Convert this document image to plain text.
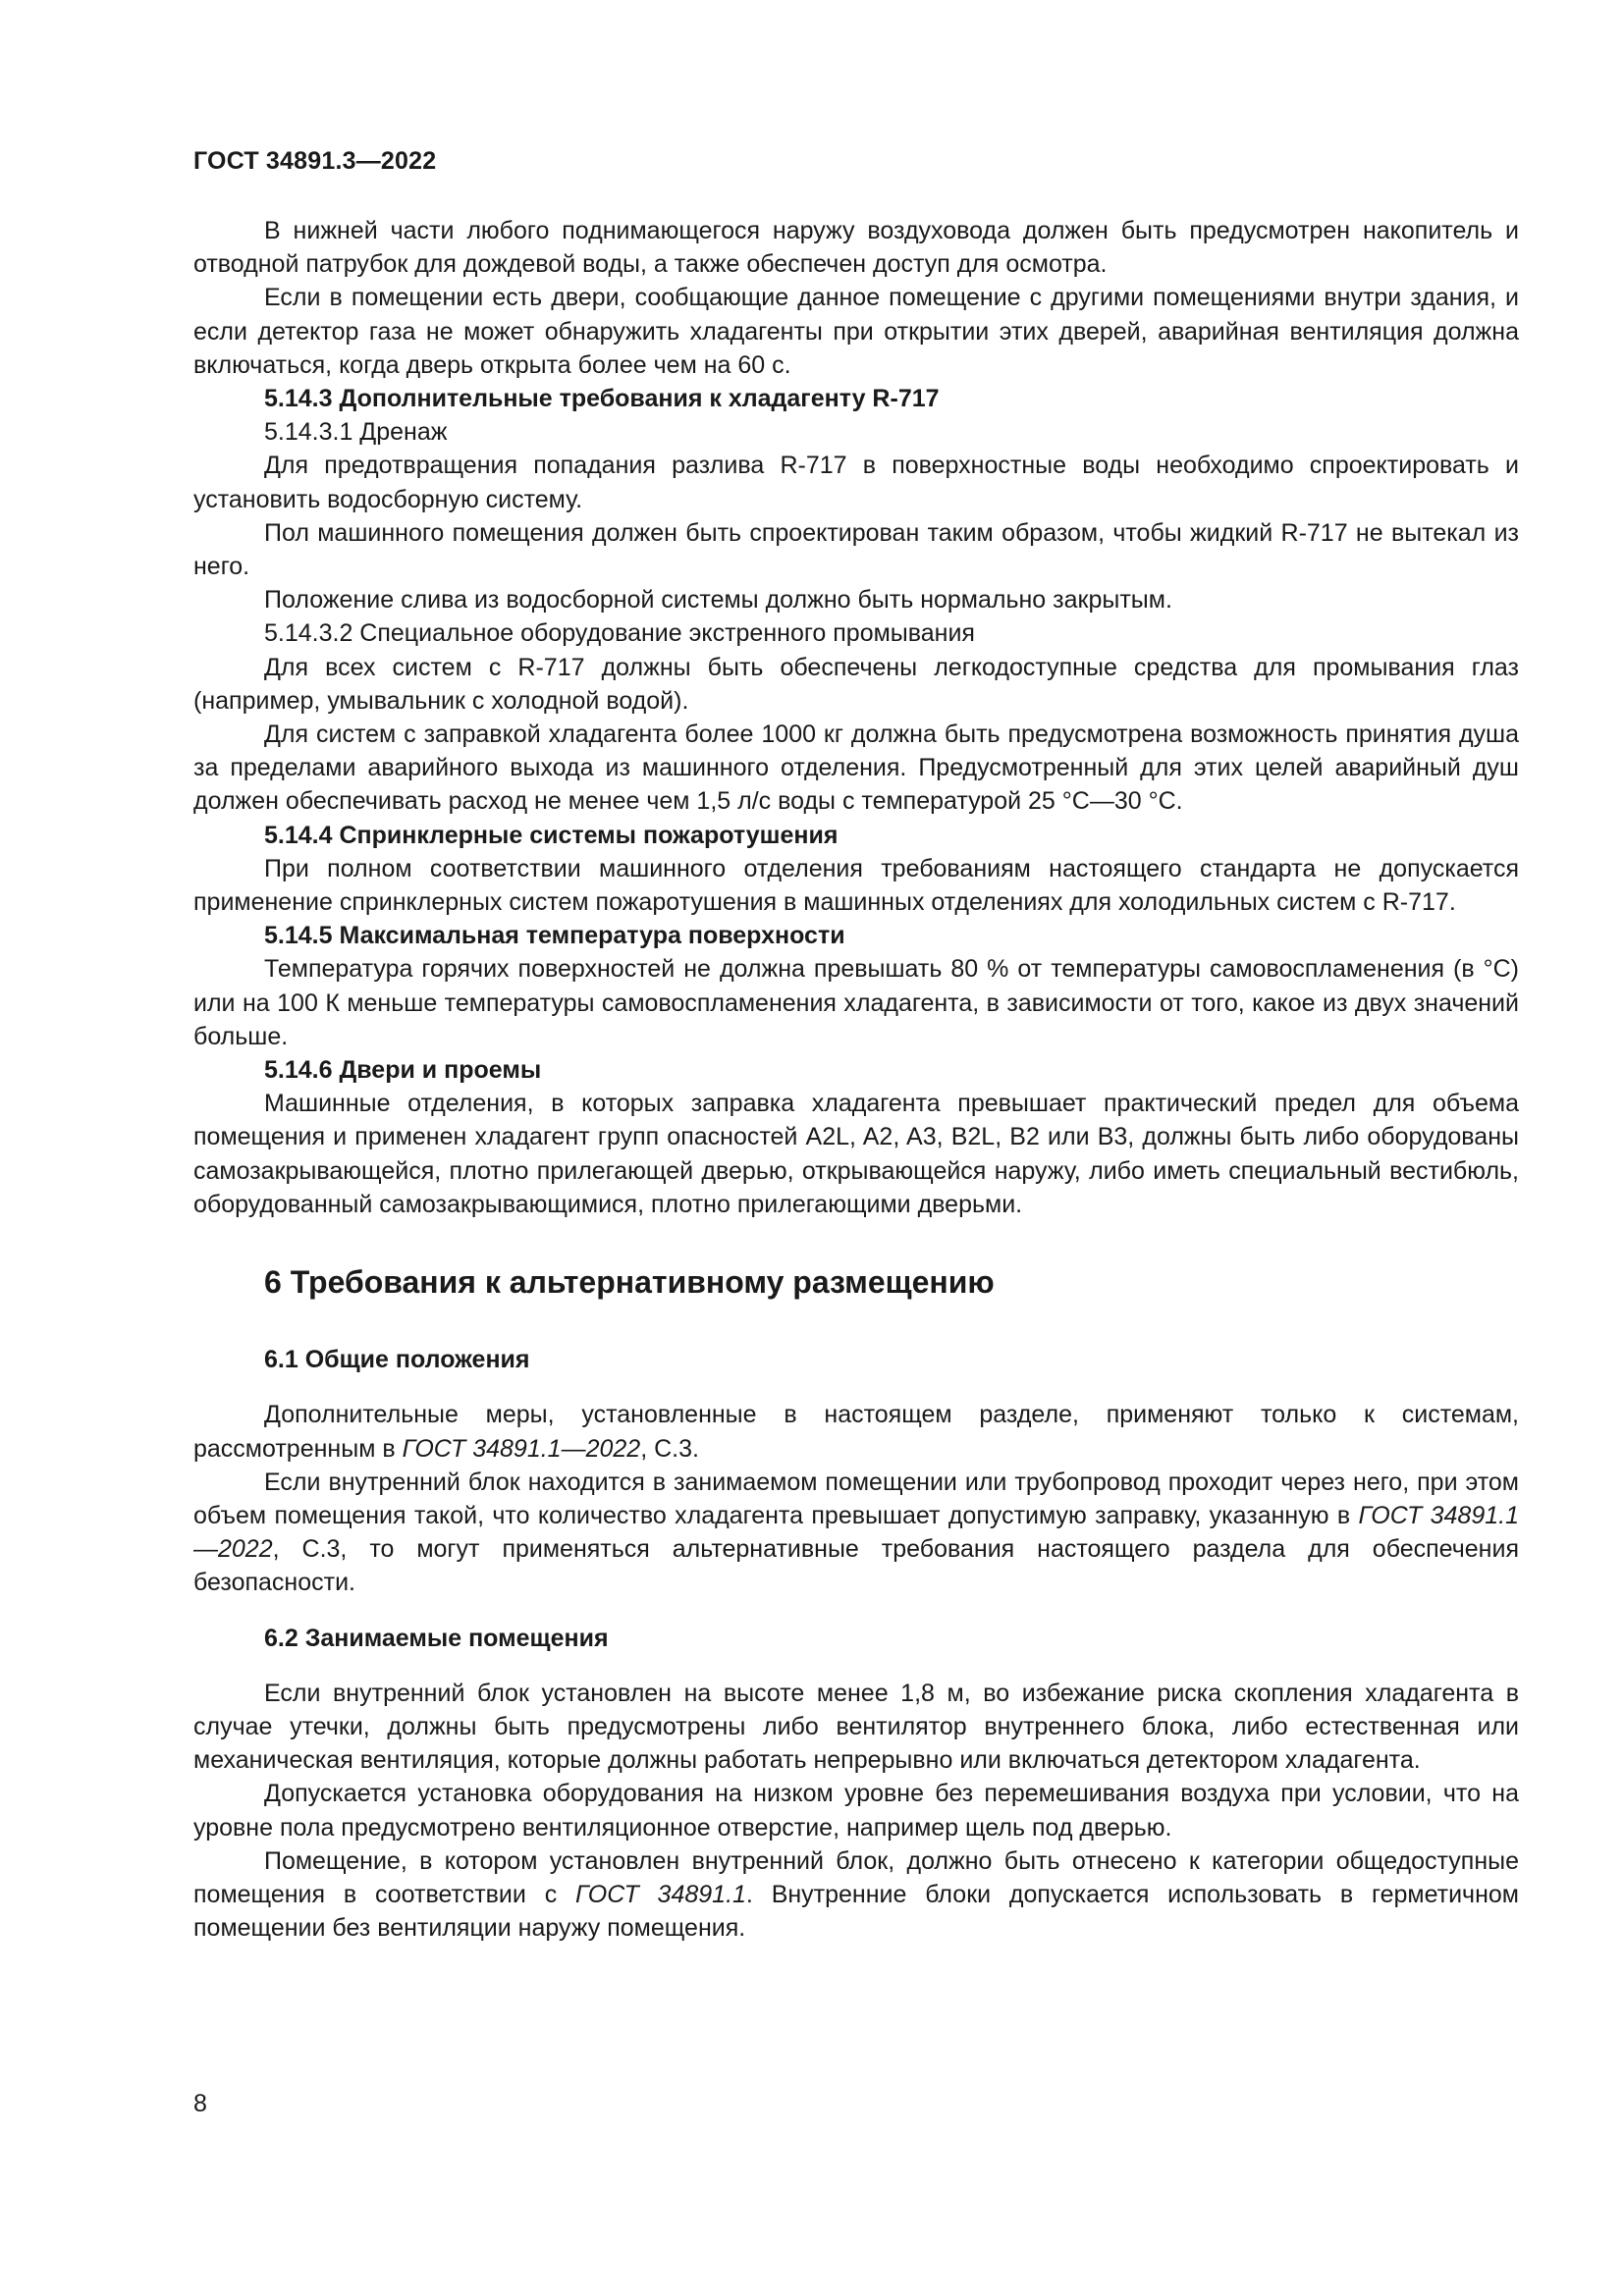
ГОСТ 34891.3—2022

В нижней части любого поднимающегося наружу воздуховода должен быть предусмотрен накопитель и отводной патрубок для дождевой воды, а также обеспечен доступ для осмотра.

Если в помещении есть двери, сообщающие данное помещение с другими помещениями внутри здания, и если детектор газа не может обнаружить хладагенты при открытии этих дверей, аварийная вентиляция должна включаться, когда дверь открыта более чем на 60 с.

5.14.3 Дополнительные требования к хладагенту R-717
5.14.3.1 Дренаж

Для предотвращения попадания разлива R-717 в поверхностные воды необходимо спроектировать и установить водосборную систему.

Пол машинного помещения должен быть спроектирован таким образом, чтобы жидкий R-717 не вытекал из него.

Положение слива из водосборной системы должно быть нормально закрытым.

5.14.3.2 Специальное оборудование экстренного промывания

Для всех систем с R-717 должны быть обеспечены легкодоступные средства для промывания глаз (например, умывальник с холодной водой).

Для систем с заправкой хладагента более 1000 кг должна быть предусмотрена возможность принятия душа за пределами аварийного выхода из машинного отделения. Предусмотренный для этих целей аварийный душ должен обеспечивать расход не менее чем 1,5 л/с воды с температурой 25 °C—30 °C.

5.14.4 Спринклерные системы пожаротушения

При полном соответствии машинного отделения требованиям настоящего стандарта не допускается применение спринклерных систем пожаротушения в машинных отделениях для холодильных систем с R-717.

5.14.5 Максимальная температура поверхности

Температура горячих поверхностей не должна превышать 80 % от температуры самовоспламенения (в °C) или на 100 К меньше температуры самовоспламенения хладагента, в зависимости от того, какое из двух значений больше.

5.14.6 Двери и проемы

Машинные отделения, в которых заправка хладагента превышает практический предел для объема помещения и применен хладагент групп опасностей A2L, A2, A3, B2L, B2 или B3, должны быть либо оборудованы самозакрывающейся, плотно прилегающей дверью, открывающейся наружу, либо иметь специальный вестибюль, оборудованный самозакрывающимися, плотно прилегающими дверьми.

6 Требования к альтернативному размещению
6.1 Общие положения

Дополнительные меры, установленные в настоящем разделе, применяют только к системам, рассмотренным в ГОСТ 34891.1—2022, С.3.

Если внутренний блок находится в занимаемом помещении или трубопровод проходит через него, при этом объем помещения такой, что количество хладагента превышает допустимую заправку, указанную в ГОСТ 34891.1—2022, С.3, то могут применяться альтернативные требования настоящего раздела для обеспечения безопасности.

6.2 Занимаемые помещения

Если внутренний блок установлен на высоте менее 1,8 м, во избежание риска скопления хладагента в случае утечки, должны быть предусмотрены либо вентилятор внутреннего блока, либо естественная или механическая вентиляция, которые должны работать непрерывно или включаться детектором хладагента.

Допускается установка оборудования на низком уровне без перемешивания воздуха при условии, что на уровне пола предусмотрено вентиляционное отверстие, например щель под дверью.

Помещение, в котором установлен внутренний блок, должно быть отнесено к категории общедоступные помещения в соответствии с ГОСТ 34891.1. Внутренние блоки допускается использовать в герметичном помещении без вентиляции наружу помещения.

8
